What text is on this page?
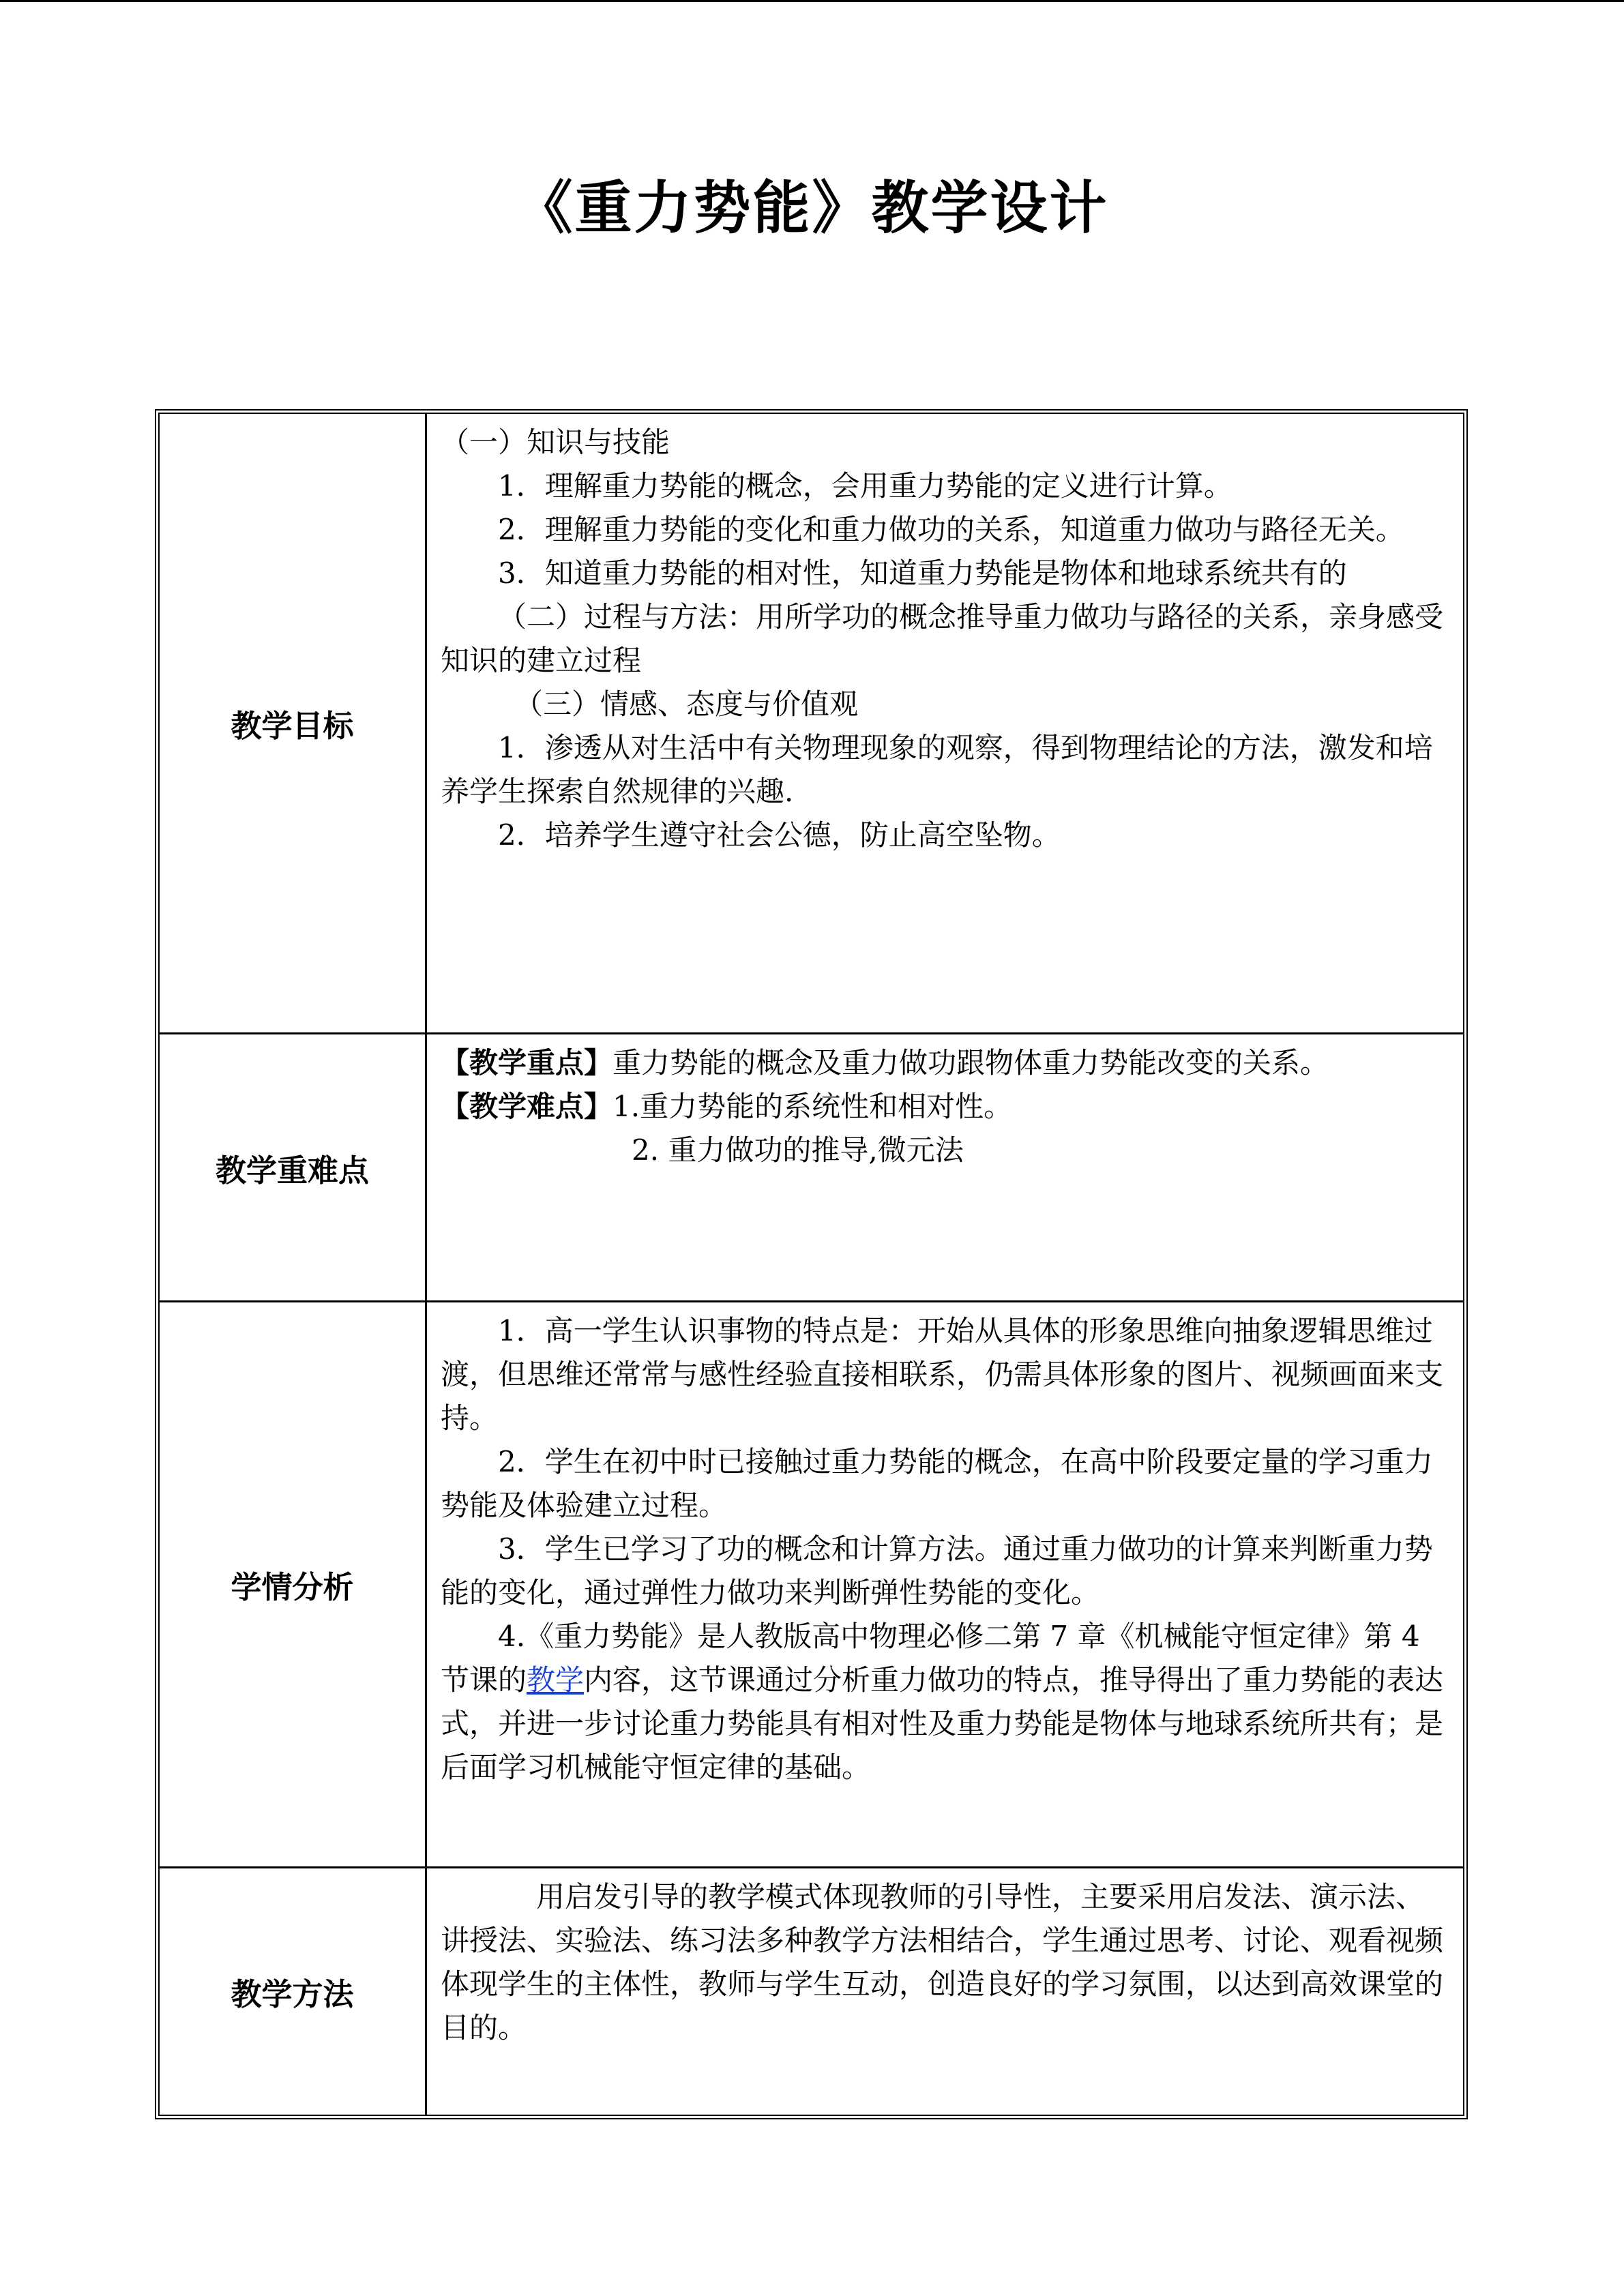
《重力势能》教学设计
教学目标

（一）知识与技能

1．理解重力势能的概念，会用重力势能的定义进行计算。

2．理解重力势能的变化和重力做功的关系，知道重力做功与路径无关。

3．知道重力势能的相对性，知道重力势能是物体和地球系统共有的

（二）过程与方法：用所学功的概念推导重力做功与路径的关系，亲身感受知识的建立过程

（三）情感、态度与价值观

1．渗透从对生活中有关物理现象的观察，得到物理结论的方法，激发和培养学生探索自然规律的兴趣.

2．培养学生遵守社会公德，防止高空坠物。

教学重难点

【教学重点】重力势能的概念及重力做功跟物体重力势能改变的关系。

【教学难点】1.重力势能的系统性和相对性。

2. 重力做功的推导,微元法

学情分析

1．高一学生认识事物的特点是：开始从具体的形象思维向抽象逻辑思维过渡，但思维还常常与感性经验直接相联系，仍需具体形象的图片、视频画面来支持。

2．学生在初中时已接触过重力势能的概念，在高中阶段要定量的学习重力势能及体验建立过程。

3．学生已学习了功的概念和计算方法。通过重力做功的计算来判断重力势能的变化，通过弹性力做功来判断弹性势能的变化。

4.《重力势能》是人教版高中物理必修二第 7 章《机械能守恒定律》第 4 节课的教学内容，这节课通过分析重力做功的特点，推导得出了重力势能的表达式，并进一步讨论重力势能具有相对性及重力势能是物体与地球系统所共有；是后面学习机械能守恒定律的基础。

教学方法

用启发引导的教学模式体现教师的引导性，主要采用启发法、演示法、讲授法、实验法、练习法多种教学方法相结合，学生通过思考、讨论、观看视频体现学生的主体性，教师与学生互动，创造良好的学习氛围，以达到高效课堂的目的。
